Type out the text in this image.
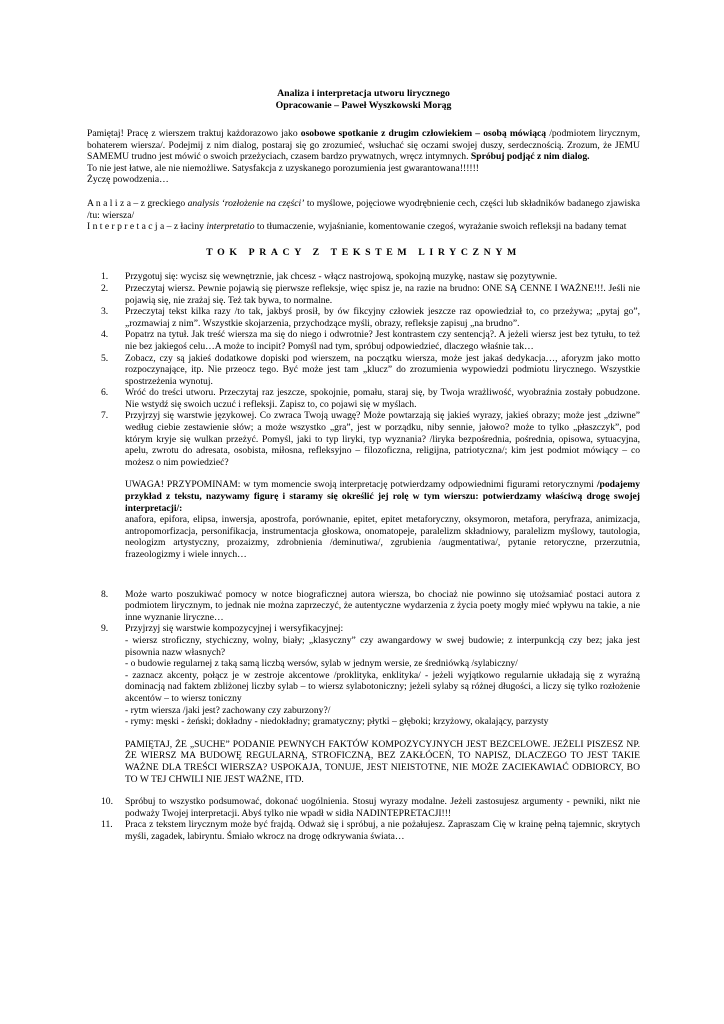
Analiza i interpretacja utworu lirycznego
Opracowanie – Paweł Wyszkowski Morąg

Pamiętaj! Pracę z wierszem traktuj każdorazowo jako osobowe spotkanie z drugim człowiekiem – osobą mówiącą /podmiotem lirycznym, bohaterem wiersza/. Podejmij z nim dialog, postaraj się go zrozumieć, wsłuchać się oczami swojej duszy, serdecznością. Zrozum, że JEMU SAMEMU trudno jest mówić o swoich przeżyciach, czasem bardzo prywatnych, wręcz intymnych. Spróbuj podjąć z nim dialog.

To nie jest łatwe, ale nie niemożliwe. Satysfakcja z uzyskanego porozumienia jest gwarantowana!!!!!!

Życzę powodzenia…

A n a l i z a – z greckiego analysis ‘rozłożenie na części’ to myślowe, pojęciowe wyodrębnienie cech, części lub składników badanego zjawiska /tu: wiersza/

I n t e r p r e t a c j a – z łaciny interpretatio to tłumaczenie, wyjaśnianie, komentowanie czegoś, wyrażanie swoich refleksji na badany temat

TOK PRACY Z TEKSTEM LIRYCZNYM
1.	Przygotuj się: wycisz się wewnętrznie, jak chcesz - włącz nastrojową, spokojną muzykę, nastaw się pozytywnie.
2.	Przeczytaj wiersz. Pewnie pojawią się pierwsze refleksje, więc spisz je, na razie na brudno: ONE SĄ CENNE I WAŻNE!!!. Jeśli nie pojawią się, nie zrażaj się. Też tak bywa, to normalne.
3.	Przeczytaj tekst kilka razy /to tak, jakbyś prosił, by ów fikcyjny człowiek jeszcze raz opowiedział to, co przeżywa; „pytaj go”, „rozmawiaj z nim”. Wszystkie skojarzenia, przychodzące myśli, obrazy, refleksje zapisuj „na brudno”.
4.	Popatrz na tytuł. Jak treść wiersza ma się do niego i odwrotnie? Jest kontrastem czy sentencją?. A jeżeli wiersz jest bez tytułu, to też nie bez jakiegoś celu…A może to incipit? Pomyśl nad tym, spróbuj odpowiedzieć, dlaczego właśnie tak…
5.	Zobacz, czy są jakieś dodatkowe dopiski pod wierszem, na początku wiersza, może jest jakaś dedykacja…, aforyzm jako motto rozpoczynające, itp. Nie przeocz tego. Być może jest tam „klucz” do zrozumienia wypowiedzi podmiotu lirycznego. Wszystkie spostrzeżenia wynotuj.
6.	Wróć do treści utworu. Przeczytaj raz jeszcze, spokojnie, pomału, staraj się, by Twoja wrażliwość, wyobraźnia zostały pobudzone. Nie wstydź się swoich uczuć i refleksji. Zapisz to, co pojawi się w myślach.
7.	Przyjrzyj się warstwie językowej. Co zwraca Twoją uwagę? Może powtarzają się jakieś wyrazy, jakieś obrazy; może jest „dziwne” według ciebie zestawienie słów; a może wszystko „gra”, jest w porządku, niby sennie, jałowo? może to tylko „płaszczyk”, pod którym kryje się wulkan przeżyć. Pomyśl, jaki to typ liryki, typ wyznania? /liryka bezpośrednia, pośrednia, opisowa, sytuacyjna, apelu, zwrotu do adresata, osobista, miłosna, refleksyjno – filozoficzna, religijna, patriotyczna/; kim jest podmiot mówiący – co możesz o nim powiedzieć?
UWAGA! PRZYPOMINAM: w tym momencie swoją interpretację potwierdzamy odpowiednimi figurami retorycznymi /podajemy przykład z tekstu, nazywamy figurę i staramy się określić jej rolę w tym wierszu: potwierdzamy właściwą drogę swojej interpretacji/:
anafora, epifora, elipsa, inwersja, apostrofa, porównanie, epitet, epitet metaforyczny, oksymoron, metafora, peryfraza, animizacja, antropomorfizacja, personifikacja, instrumentacja głoskowa, onomatopeje, paralelizm składniowy, paralelizm myślowy, tautologia, neologizm artystyczny, prozaizmy, zdrobnienia /deminutiwa/, zgrubienia /augmentatiwa/, pytanie retoryczne, przerzutnia, frazeologizmy i wiele innych…
8.	Może warto poszukiwać pomocy w notce biograficznej autora wiersza, bo chociaż nie powinno się utożsamiać postaci autora z podmiotem lirycznym, to jednak nie można zaprzeczyć, że autentyczne wydarzenia z życia poety mogły mieć wpływu na takie, a nie inne wyznanie liryczne…
9.	Przyjrzyj się warstwie kompozycyjnej i wersyfikacyjnej:
- wiersz stroficzny, stychiczny, wolny, biały; „klasyczny” czy awangardowy w swej budowie; z interpunkcją czy bez; jaka jest pisownia nazw własnych?
- o budowie regularnej z taką samą liczbą wersów, sylab w jednym wersie, ze średniówką /sylabiczny/
- zaznacz akcenty, połącz je w zestroje akcentowe /proklityka, enklityka/ - jeżeli wyjątkowo regularnie układają się z wyraźną dominacją nad faktem zbliżonej liczby sylab – to wiersz sylabotoniczny; jeżeli sylaby są różnej długości, a liczy się tylko rozłożenie akcentów – to wiersz toniczny
- rytm wiersza /jaki jest? zachowany czy zaburzony?/
- rymy: męski - żeński; dokładny - niedokładny; gramatyczny; płytki – głęboki; krzyżowy, okalający, parzysty
PAMIĘTAJ, ŻE „SUCHE” PODANIE PEWNYCH FAKTÓW KOMPOZYCYJNYCH JEST BEZCELOWE. JEŻELI PISZESZ NP. ŻE WIERSZ MA BUDOWĘ REGULARNĄ, STROFICZNĄ, BEZ ZAKŁÓCEŃ, TO NAPISZ, DLACZEGO TO JEST TAKIE WAŻNE DLA TREŚCI WIERSZA? USPOKAJA, TONUJE, JEST NIEISTOTNE, NIE MOŻE ZACIEKAWIAĆ ODBIORCY, BO TO W TEJ CHWILI NIE JEST WAŻNE, ITD.
10.	Spróbuj to wszystko podsumować, dokonać uogólnienia. Stosuj wyrazy modalne. Jeżeli zastosujesz argumenty - pewniki, nikt nie podważy Twojej interpretacji. Abyś tylko nie wpadł w sidła NADINTEPRETACJI!!!
11.	Praca z tekstem lirycznym może być frajdą. Odważ się i spróbuj, a nie pożałujesz. Zapraszam Cię w krainę pełną tajemnic, skrytych myśli, zagadek, labiryntu. Śmiało wkrocz na drogę odkrywania świata…
